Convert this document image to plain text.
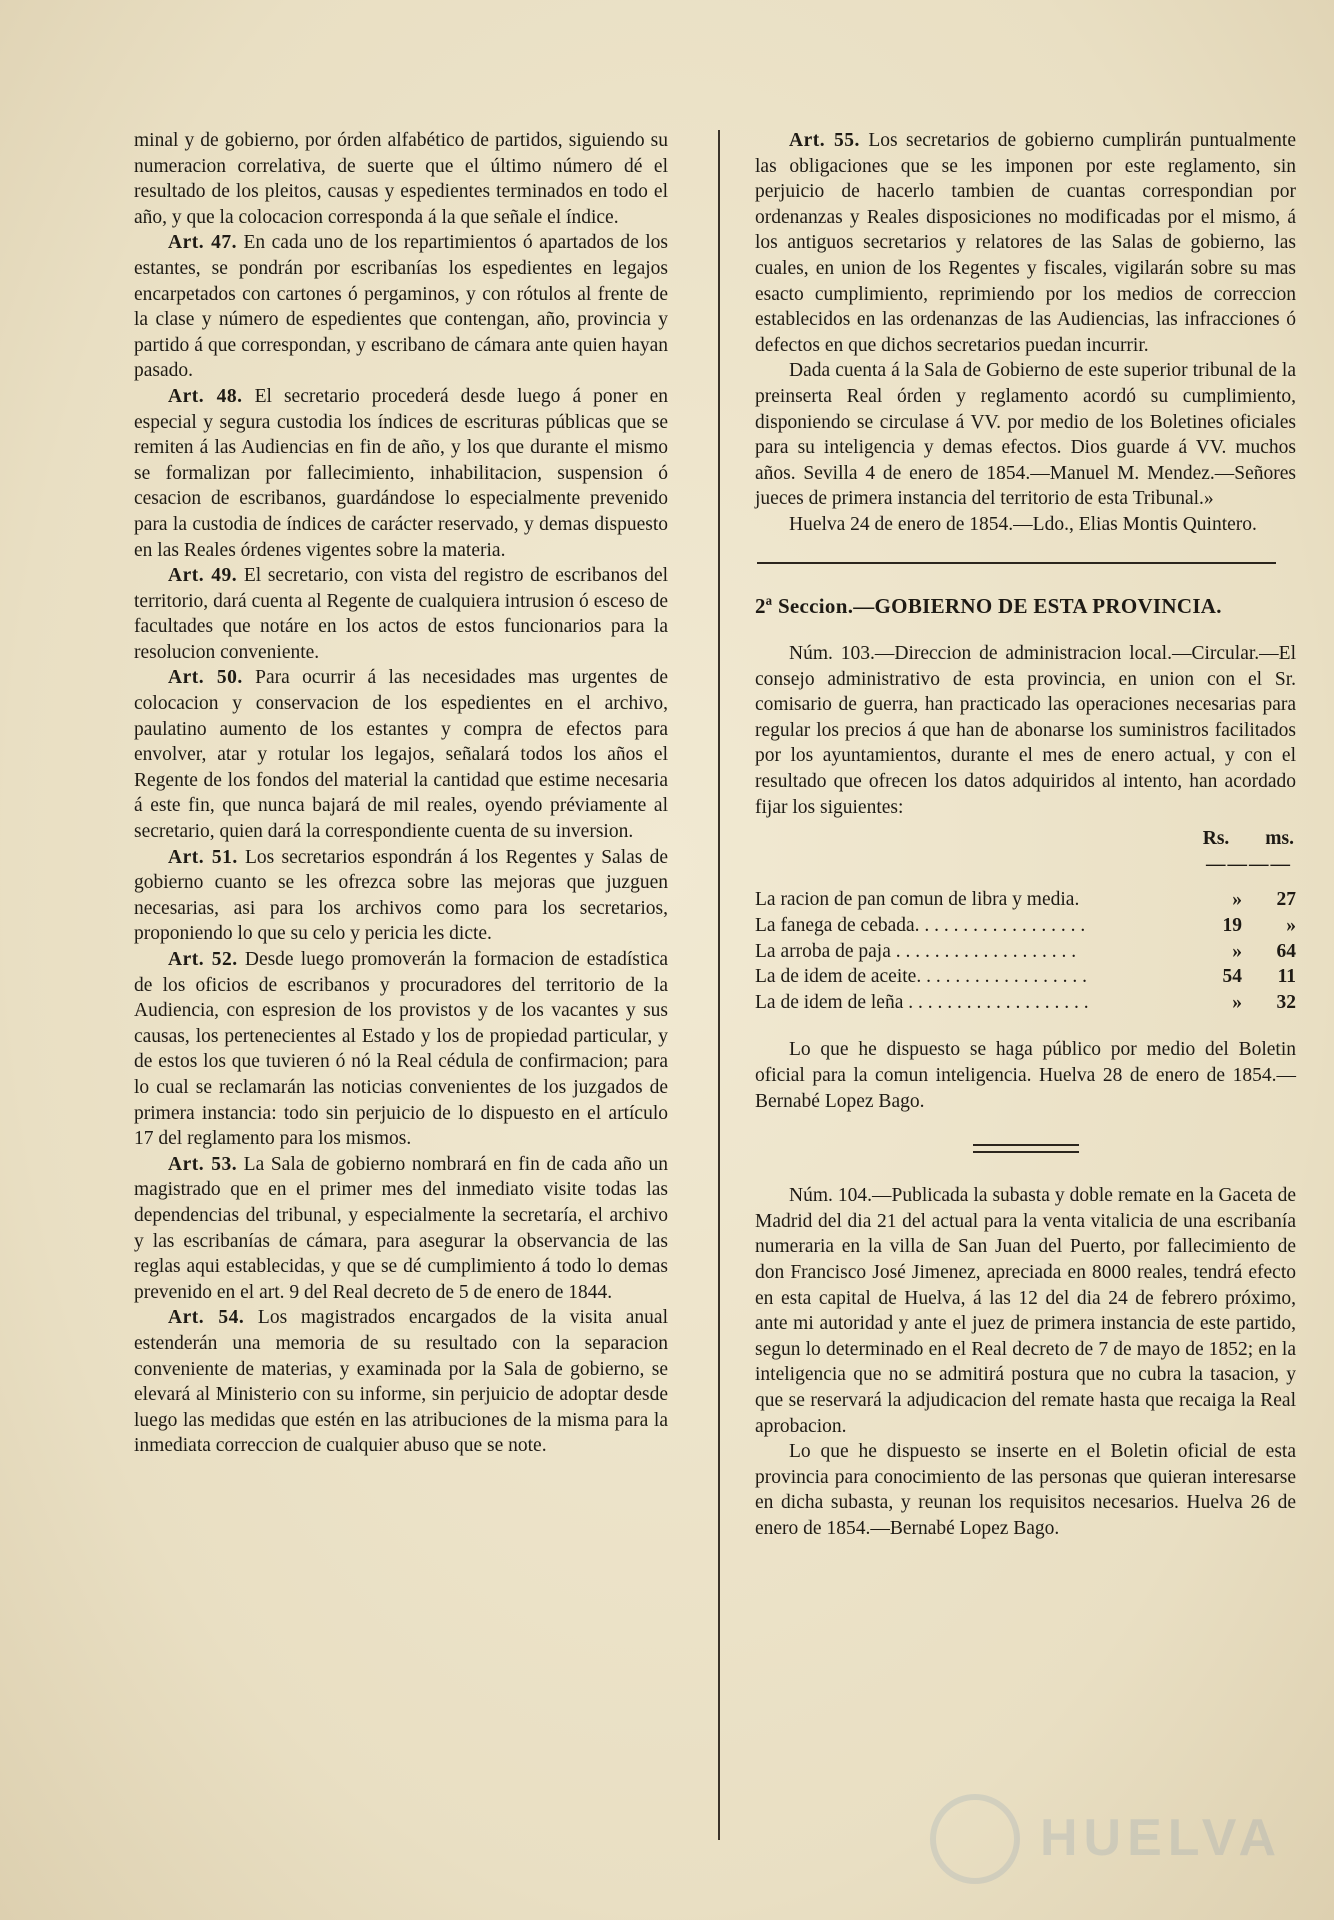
minal y de gobierno, por órden alfabético de partidos, siguiendo su numeracion correlativa, de suerte que el último número dé el resultado de los pleitos, causas y espedientes terminados en todo el año, y que la colocacion corresponda á la que señale el índice.

Art. 47. En cada uno de los repartimientos ó apartados de los estantes, se pondrán por escribanías los espedientes en legajos encarpetados con cartones ó pergaminos, y con rótulos al frente de la clase y número de espedientes que contengan, año, provincia y partido á que correspondan, y escribano de cámara ante quien hayan pasado.

Art. 48. El secretario procederá desde luego á poner en especial y segura custodia los índices de escrituras públicas que se remiten á las Audiencias en fin de año, y los que durante el mismo se formalizan por fallecimiento, inhabilitacion, suspension ó cesacion de escribanos, guardándose lo especialmente prevenido para la custodia de índices de carácter reservado, y demas dispuesto en las Reales órdenes vigentes sobre la materia.

Art. 49. El secretario, con vista del registro de escribanos del territorio, dará cuenta al Regente de cualquiera intrusion ó esceso de facultades que notáre en los actos de estos funcionarios para la resolucion conveniente.

Art. 50. Para ocurrir á las necesidades mas urgentes de colocacion y conservacion de los espedientes en el archivo, paulatino aumento de los estantes y compra de efectos para envolver, atar y rotular los legajos, señalará todos los años el Regente de los fondos del material la cantidad que estime necesaria á este fin, que nunca bajará de mil reales, oyendo préviamente al secretario, quien dará la correspondiente cuenta de su inversion.

Art. 51. Los secretarios espondrán á los Regentes y Salas de gobierno cuanto se les ofrezca sobre las mejoras que juzguen necesarias, asi para los archivos como para los secretarios, proponiendo lo que su celo y pericia les dicte.

Art. 52. Desde luego promoverán la formacion de estadística de los oficios de escribanos y procuradores del territorio de la Audiencia, con espresion de los provistos y de los vacantes y sus causas, los pertenecientes al Estado y los de propiedad particular, y de estos los que tuvieren ó nó la Real cédula de confirmacion; para lo cual se reclamarán las noticias convenientes de los juzgados de primera instancia: todo sin perjuicio de lo dispuesto en el artículo 17 del reglamento para los mismos.

Art. 53. La Sala de gobierno nombrará en fin de cada año un magistrado que en el primer mes del inmediato visite todas las dependencias del tribunal, y especialmente la secretaría, el archivo y las escribanías de cámara, para asegurar la observancia de las reglas aqui establecidas, y que se dé cumplimiento á todo lo demas prevenido en el art. 9 del Real decreto de 5 de enero de 1844.

Art. 54. Los magistrados encargados de la visita anual estenderán una memoria de su resultado con la separacion conveniente de materias, y examinada por la Sala de gobierno, se elevará al Ministerio con su informe, sin perjuicio de adoptar desde luego las medidas que estén en las atribuciones de la misma para la inmediata correccion de cualquier abuso que se note.

Art. 55. Los secretarios de gobierno cumplirán puntualmente las obligaciones que se les imponen por este reglamento, sin perjuicio de hacerlo tambien de cuantas correspondian por ordenanzas y Reales disposiciones no modificadas por el mismo, á los antiguos secretarios y relatores de las Salas de gobierno, las cuales, en union de los Regentes y fiscales, vigilarán sobre su mas esacto cumplimiento, reprimiendo por los medios de correccion establecidos en las ordenanzas de las Audiencias, las infracciones ó defectos en que dichos secretarios puedan incurrir.

Dada cuenta á la Sala de Gobierno de este superior tribunal de la preinserta Real órden y reglamento acordó su cumplimiento, disponiendo se circulase á VV. por medio de los Boletines oficiales para su inteligencia y demas efectos. Dios guarde á VV. muchos años. Sevilla 4 de enero de 1854.—Manuel M. Mendez.—Señores jueces de primera instancia del territorio de esta Tribunal.»

Huelva 24 de enero de 1854.—Ldo., Elias Montis Quintero.

2ª Seccion.—GOBIERNO DE ESTA PROVINCIA.

Núm. 103.—Direccion de administracion local.—Circular.—El consejo administrativo de esta provincia, en union con el Sr. comisario de guerra, han practicado las operaciones necesarias para regular los precios á que han de abonarse los suministros facilitados por los ayuntamientos, durante el mes de enero actual, y con el resultado que ofrecen los datos adquiridos al intento, han acordado fijar los siguientes:

Rs. ms.
————
La racion de pan comun de libra y media.	»	27
La fanega de cebada. . . . . . . . . . . . . . . . . .	19	»
La arroba de paja . . . . . . . . . . . . . . . . . . .	»	64
La de idem de aceite. . . . . . . . . . . . . . . . . .	54	11
La de idem de leña . . . . . . . . . . . . . . . . . . .	»	32

Lo que he dispuesto se haga público por medio del Boletin oficial para la comun inteligencia. Huelva 28 de enero de 1854.—Bernabé Lopez Bago.

Núm. 104.—Publicada la subasta y doble remate en la Gaceta de Madrid del dia 21 del actual para la venta vitalicia de una escribanía numeraria en la villa de San Juan del Puerto, por fallecimiento de don Francisco José Jimenez, apreciada en 8000 reales, tendrá efecto en esta capital de Huelva, á las 12 del dia 24 de febrero próximo, ante mi autoridad y ante el juez de primera instancia de este partido, segun lo determinado en el Real decreto de 7 de mayo de 1852; en la inteligencia que no se admitirá postura que no cubra la tasacion, y que se reservará la adjudicacion del remate hasta que recaiga la Real aprobacion.

Lo que he dispuesto se inserte en el Boletin oficial de esta provincia para conocimiento de las personas que quieran interesarse en dicha subasta, y reunan los requisitos necesarios. Huelva 26 de enero de 1854.—Bernabé Lopez Bago.

HUELVA
